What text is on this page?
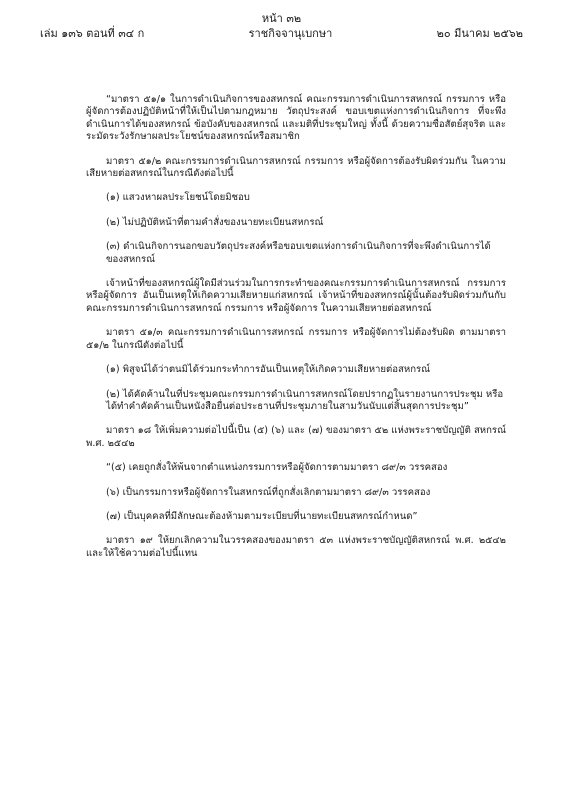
หน้า ๓๒
เล่ม ๑๓๖ ตอนที่ ๓๔ ก	ราชกิจจานุเบกษา	๒๐ มีนาคม ๒๕๖๒

“มาตรา ๕๑/๑ ในการดำเนินกิจการของสหกรณ์ คณะกรรมการดำเนินการสหกรณ์ กรรมการ หรือผู้จัดการต้องปฏิบัติหน้าที่ให้เป็นไปตามกฎหมาย วัตถุประสงค์ ขอบเขตแห่งการดำเนินกิจการ ที่จะพึงดำเนินการได้ของสหกรณ์ ข้อบังคับของสหกรณ์ และมติที่ประชุมใหญ่ ทั้งนี้ ด้วยความซื่อสัตย์สุจริต และระมัดระวังรักษาผลประโยชน์ของสหกรณ์หรือสมาชิก

มาตรา ๕๑/๒ คณะกรรมการดำเนินการสหกรณ์ กรรมการ หรือผู้จัดการต้องรับผิดร่วมกัน ในความเสียหายต่อสหกรณ์ในกรณีดังต่อไปนี้

(๑) แสวงหาผลประโยชน์โดยมิชอบ

(๒) ไม่ปฏิบัติหน้าที่ตามคำสั่งของนายทะเบียนสหกรณ์

(๓) ดำเนินกิจการนอกขอบวัตถุประสงค์หรือขอบเขตแห่งการดำเนินกิจการที่จะพึงดำเนินการได้ ของสหกรณ์

เจ้าหน้าที่ของสหกรณ์ผู้ใดมีส่วนร่วมในการกระทำของคณะกรรมการดำเนินการสหกรณ์ กรรมการ หรือผู้จัดการ อันเป็นเหตุให้เกิดความเสียหายแก่สหกรณ์ เจ้าหน้าที่ของสหกรณ์ผู้นั้นต้องรับผิดร่วมกันกับ คณะกรรมการดำเนินการสหกรณ์ กรรมการ หรือผู้จัดการ ในความเสียหายต่อสหกรณ์

มาตรา ๕๑/๓ คณะกรรมการดำเนินการสหกรณ์ กรรมการ หรือผู้จัดการไม่ต้องรับผิด ตามมาตรา ๕๑/๒ ในกรณีดังต่อไปนี้

(๑) พิสูจน์ได้ว่าตนมิได้ร่วมกระทำการอันเป็นเหตุให้เกิดความเสียหายต่อสหกรณ์

(๒) ได้คัดค้านในที่ประชุมคณะกรรมการดำเนินการสหกรณ์โดยปรากฏในรายงานการประชุม หรือได้ทำคำคัดค้านเป็นหนังสือยื่นต่อประธานที่ประชุมภายในสามวันนับแต่สิ้นสุดการประชุม”

มาตรา ๑๘ ให้เพิ่มความต่อไปนี้เป็น (๕) (๖) และ (๗) ของมาตรา ๕๒ แห่งพระราชบัญญัติ สหกรณ์ พ.ศ. ๒๕๔๒

“(๕) เคยถูกสั่งให้พ้นจากตำแหน่งกรรมการหรือผู้จัดการตามมาตรา ๘๙/๓ วรรคสอง

(๖) เป็นกรรมการหรือผู้จัดการในสหกรณ์ที่ถูกสั่งเลิกตามมาตรา ๘๙/๓ วรรคสอง

(๗) เป็นบุคคลที่มีลักษณะต้องห้ามตามระเบียบที่นายทะเบียนสหกรณ์กำหนด”

มาตรา ๑๙ ให้ยกเลิกความในวรรคสองของมาตรา ๕๓ แห่งพระราชบัญญัติสหกรณ์ พ.ศ. ๒๕๔๒ และให้ใช้ความต่อไปนี้แทน
